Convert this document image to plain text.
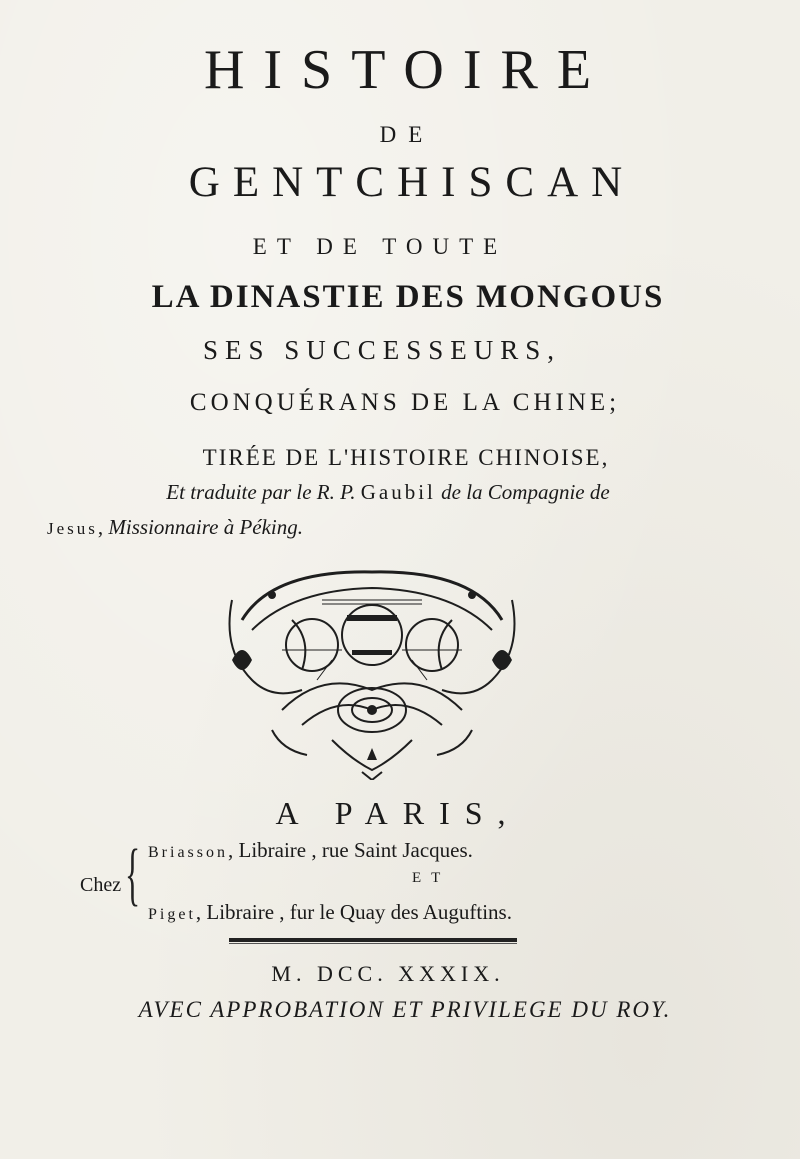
HISTOIRE
DE
GENTCHISCAN
ET DE TOUTE
LA DINASTIE DES MONGOUS
SES SUCCESSEURS,
CONQUÉRANS DE LA CHINE;
TIRÉE DE L'HISTOIRE CHINOISE,
Et traduite par le R. P. Gaubil de la Compagnie de
Jesus, Missionnaire à Péking.
A PARIS,
Chez { Briasson, Libraire , rue Saint Jacques.
ET
Piget, Libraire , fur le Quay des Auguftins.
M. DCC. XXXIX.
AVEC APPROBATION ET PRIVILEGE DU ROY.
